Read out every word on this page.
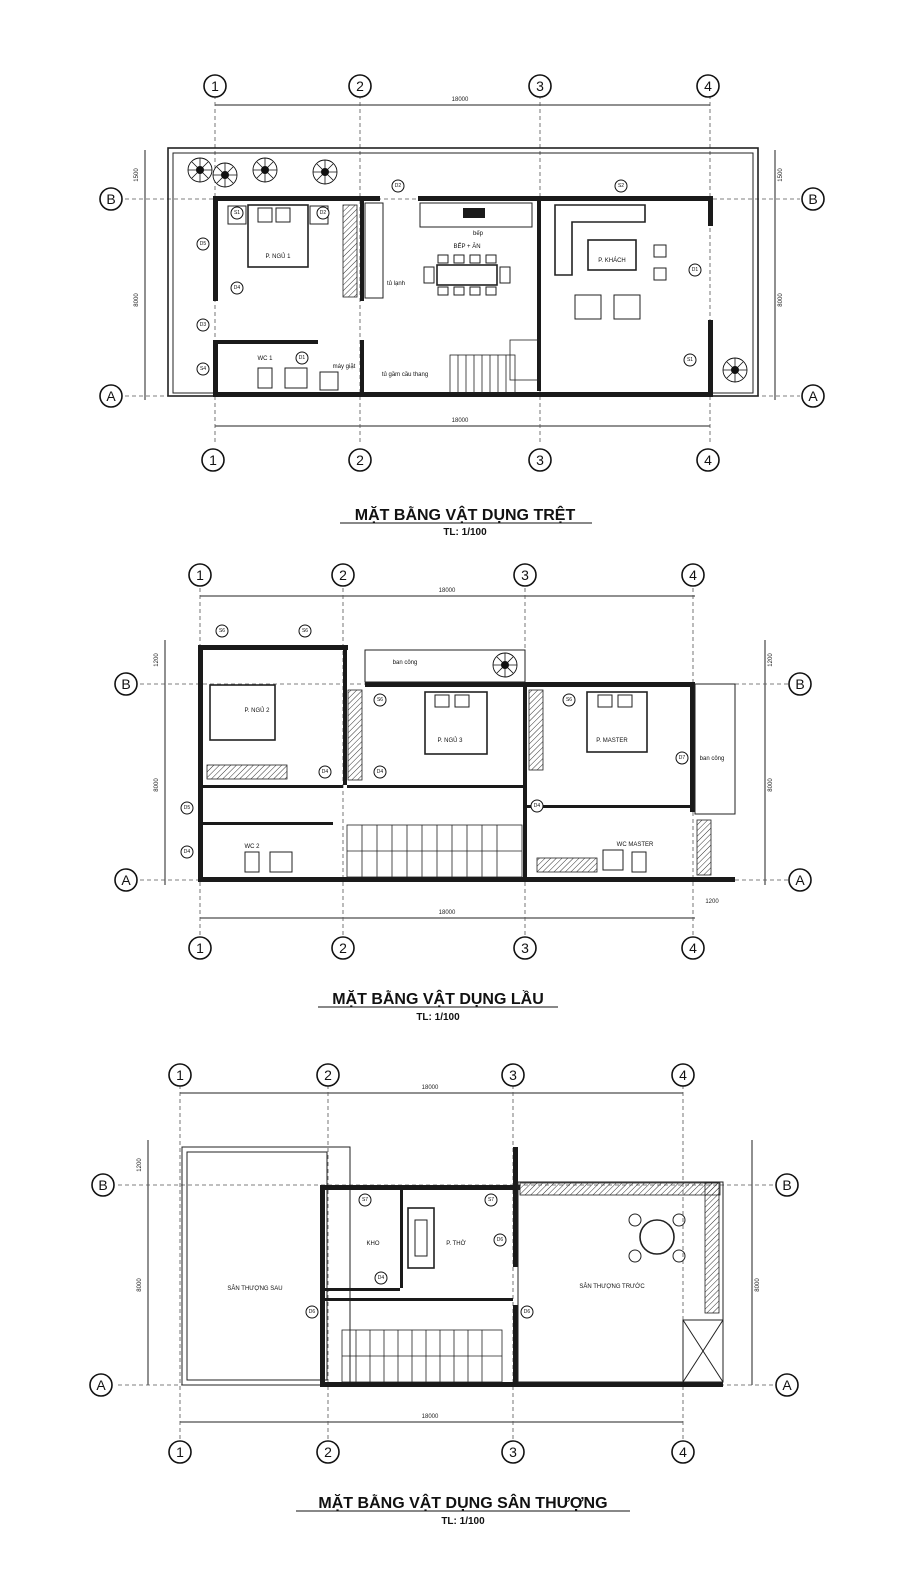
18000
18000
1500
8000
1500
8000
P. NGỦ 1
WC 1
BẾP + ĂN
P. KHÁCH
bếp
tủ lạnh
máy giặt
tủ gầm cầu thang
D3
D2
D4
D5
D1
S1
S4
D2
S2
D1
S1
1	2	3	4
1	2	3	4
B
A
B
A
MẶT BẰNG VẬT DỤNG TRỆT
TL: 1/100
18000
18000
1200
8000
1200
8000
1200
P. NGỦ 2
P. NGỦ 3	P. MASTER
WC 2	WC MASTER
ban công
ban công
S6	S6
D4	D4
D4
D4
S6	S6
D7
D5
1	2	3	4
1	2	3	4
B
A
B
A
MẶT BẰNG VẬT DỤNG LẦU
TL: 1/100
18000
18000
1200
8000	8000
SÂN THƯỢNG SAU
KHO	P. THỜ
SÂN THƯỢNG TRƯỚC
S7	S7
D4
D6
D6	D6
1	2	3	4
1	2	3	4
B
A
B
A
MẶT BẰNG VẬT DỤNG SÂN THƯỢNG
TL: 1/100
